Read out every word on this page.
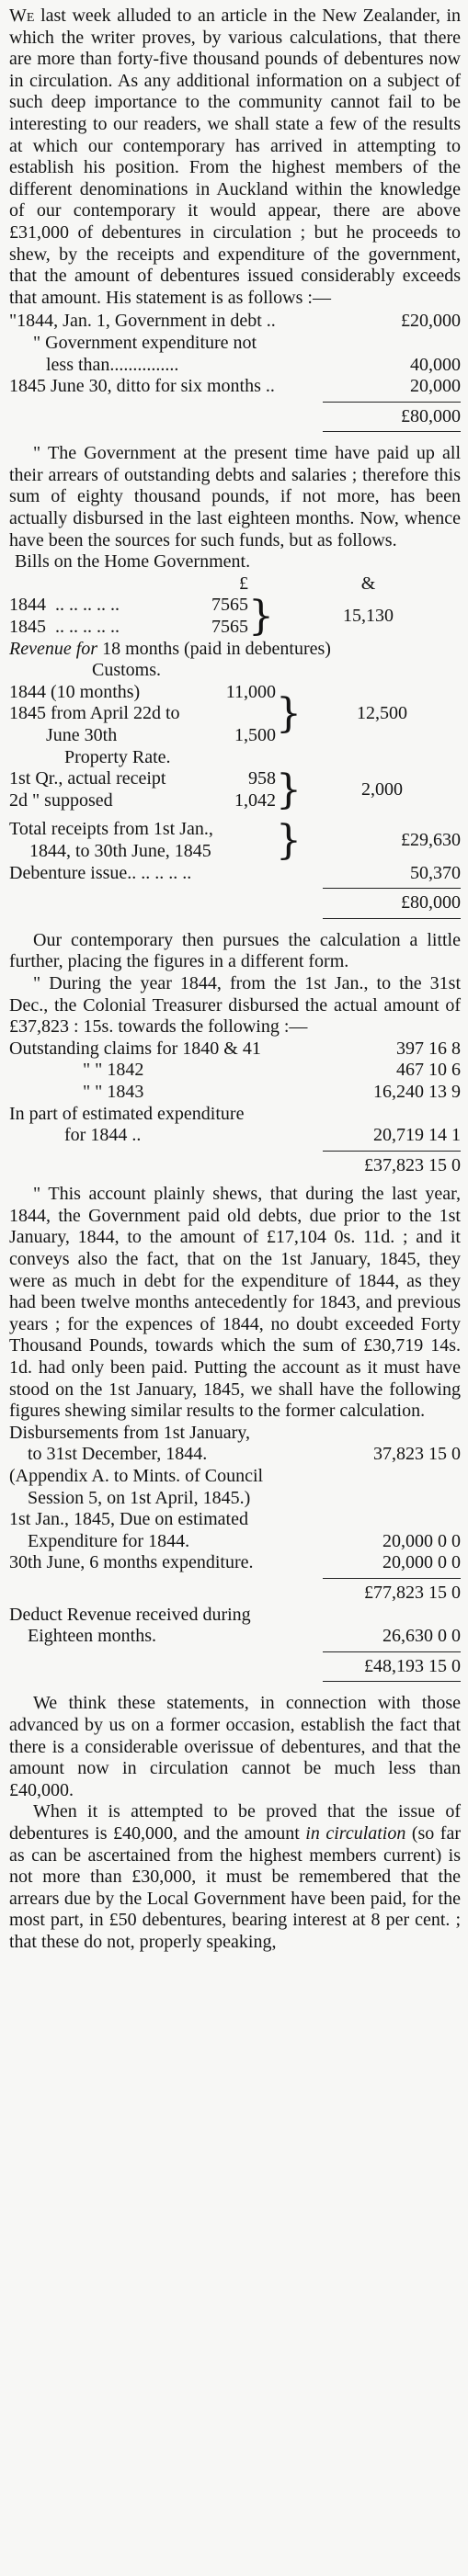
We last week alluded to an article in the New Zealander, in which the writer proves, by various calculations, that there are more than forty-five thousand pounds of debentures now in circulation. As any additional information on a subject of such deep importance to the community cannot fail to be interesting to our readers, we shall state a few of the results at which our contemporary has arrived in attempting to establish his position. From the highest members of the different denominations in Auckland within the knowledge of our contemporary it would appear, there are above £31,000 of debentures in circulation ; but he proceeds to shew, by the receipts and expenditure of the government, that the amount of debentures issued considerably exceeds that amount. His statement is as follows :—

"1844, Jan. 1, Government in debt ..	£20,000
" Government expenditure not
less than...............	40,000
1845 June 30, ditto for six months ..	20,000
£80,000

" The Government at the present time have paid up all their arrears of outstanding debts and salaries ; therefore this sum of eighty thousand pounds, if not more, has been actually disbursed in the last eighteen months. Now, whence have been the sources for such funds, but as follows.

Bills on the Home Government.
	£		&
1844 .. .. .. .. ..	7565	}	15,130
1845 .. .. .. .. ..	7565		
Revenue for 18 months (paid in debentures)
Customs.			
1844 (10 months)	11,000	}	12,500
1845 from April 22d to			
June 30th	1,500		
Property Rate.			
1st Qr., actual receipt	958	}	2,000
2d " supposed	1,042		
Total receipts from 1st Jan.,	}	£29,630
1844, to 30th June, 1845		
Debenture issue.. .. .. .. ..		50,370
£80,000

Our contemporary then pursues the calculation a little further, placing the figures in a different form.

" During the year 1844, from the 1st Jan., to the 31st Dec., the Colonial Treasurer disbursed the actual amount of £37,823 : 15s. towards the following :—

Outstanding claims for 1840 & 41	397 16 8
" " 1842	467 10 6
" " 1843	16,240 13 9
In part of estimated expenditure
for 1844 ..	20,719 14 1
£37,823 15 0

" This account plainly shews, that during the last year, 1844, the Government paid old debts, due prior to the 1st January, 1844, to the amount of £17,104 0s. 11d. ; and it conveys also the fact, that on the 1st January, 1845, they were as much in debt for the expenditure of 1844, as they had been twelve months antecedently for 1843, and previous years ; for the expences of 1844, no doubt exceeded Forty Thousand Pounds, towards which the sum of £30,719 14s. 1d. had only been paid. Putting the account as it must have stood on the 1st January, 1845, we shall have the following figures shewing similar results to the former calculation.

Disbursements from 1st January,
to 31st December, 1844.	37,823 15 0
(Appendix A. to Mints. of Council
Session 5, on 1st April, 1845.)
1st Jan., 1845, Due on estimated
Expenditure for 1844.	20,000 0 0
30th June, 6 months expenditure.	20,000 0 0
£77,823 15 0
Deduct Revenue received during
Eighteen months.	26,630 0 0
£48,193 15 0

We think these statements, in connection with those advanced by us on a former occasion, establish the fact that there is a considerable overissue of debentures, and that the amount now in circulation cannot be much less than £40,000.

When it is attempted to be proved that the issue of debentures is £40,000, and the amount in circulation (so far as can be ascertained from the highest members current) is not more than £30,000, it must be remembered that the arrears due by the Local Government have been paid, for the most part, in £50 debentures, bearing interest at 8 per cent. ; that these do not, properly speaking,
